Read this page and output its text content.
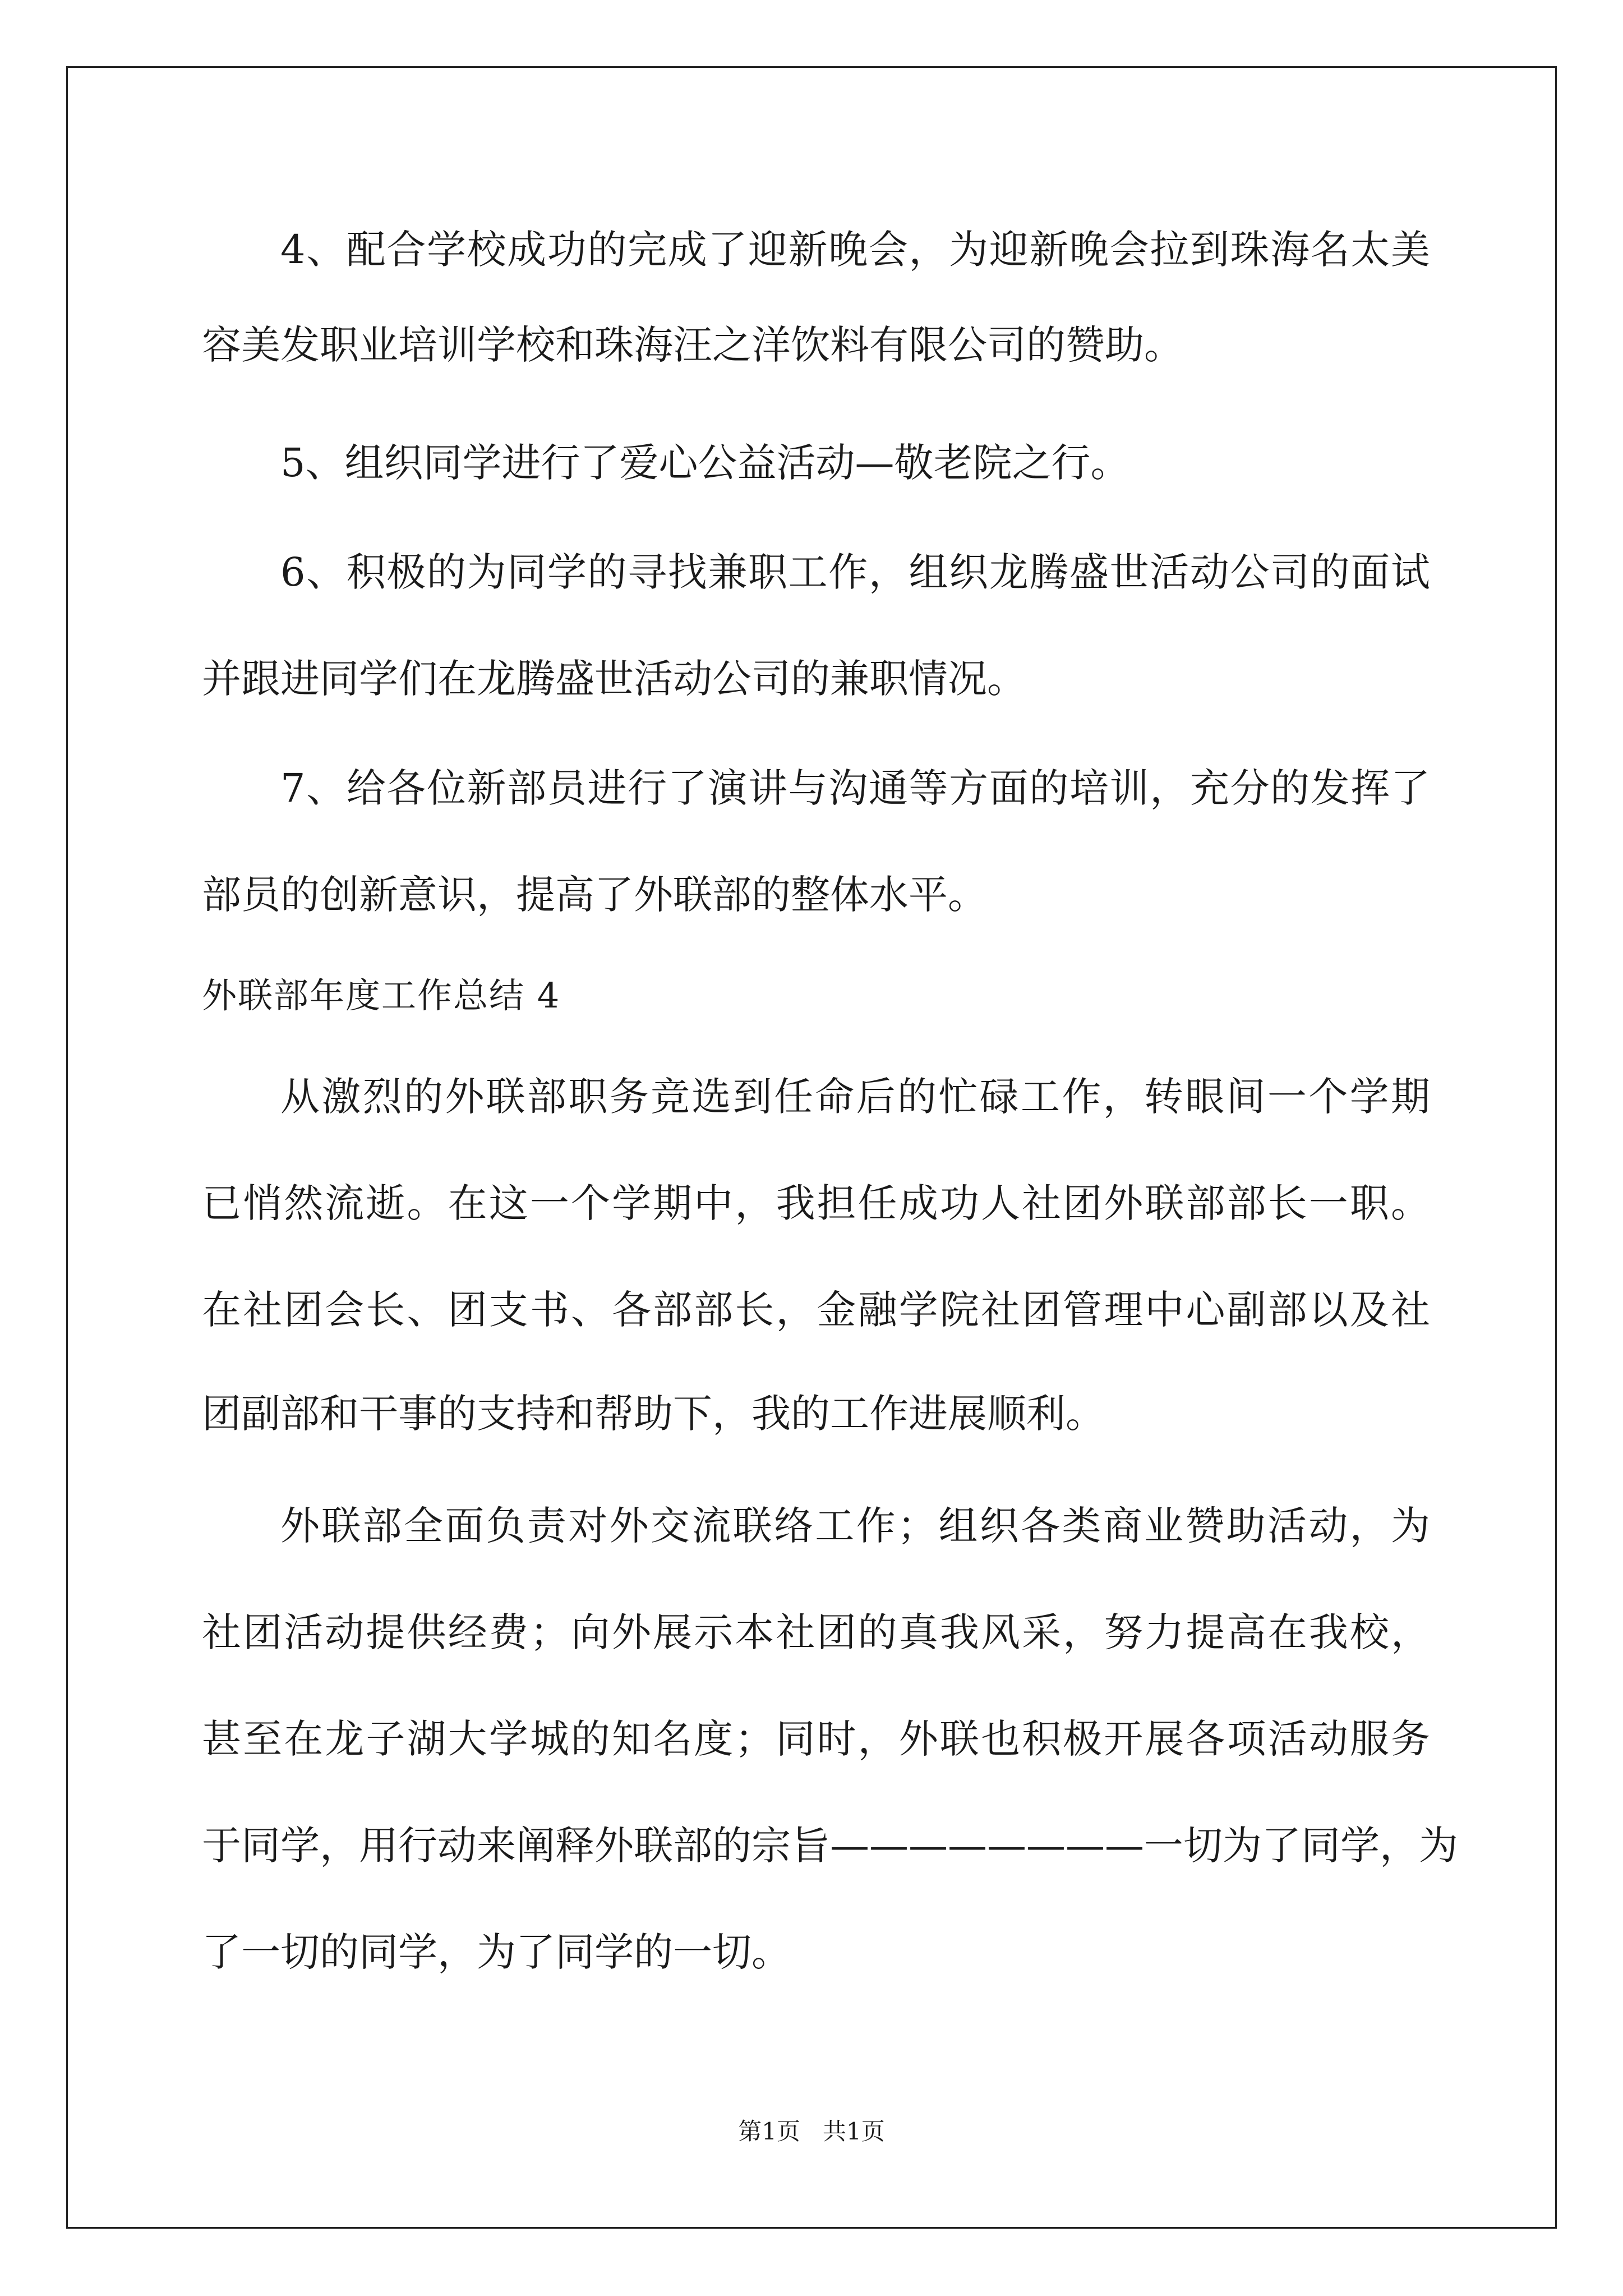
4、配合学校成功的完成了迎新晚会，为迎新晚会拉到珠海名太美
容美发职业培训学校和珠海汪之洋饮料有限公司的赞助。
5、组织同学进行了爱心公益活动—敬老院之行。
6、积极的为同学的寻找兼职工作，组织龙腾盛世活动公司的面试
并跟进同学们在龙腾盛世活动公司的兼职情况。
7、给各位新部员进行了演讲与沟通等方面的培训，充分的发挥了
部员的创新意识，提高了外联部的整体水平。
外联部年度工作总结 4
从激烈的外联部职务竞选到任命后的忙碌工作，转眼间一个学期
已悄然流逝。在这一个学期中，我担任成功人社团外联部部长一职。
在社团会长、团支书、各部部长，金融学院社团管理中心副部以及社
团副部和干事的支持和帮助下，我的工作进展顺利。
外联部全面负责对外交流联络工作；组织各类商业赞助活动，为
社团活动提供经费；向外展示本社团的真我风采，努力提高在我校，
甚至在龙子湖大学城的知名度；同时，外联也积极开展各项活动服务
于同学，用行动来阐释外联部的宗旨————————一切为了同学，为
了一切的同学，为了同学的一切。
第1页   共1页
